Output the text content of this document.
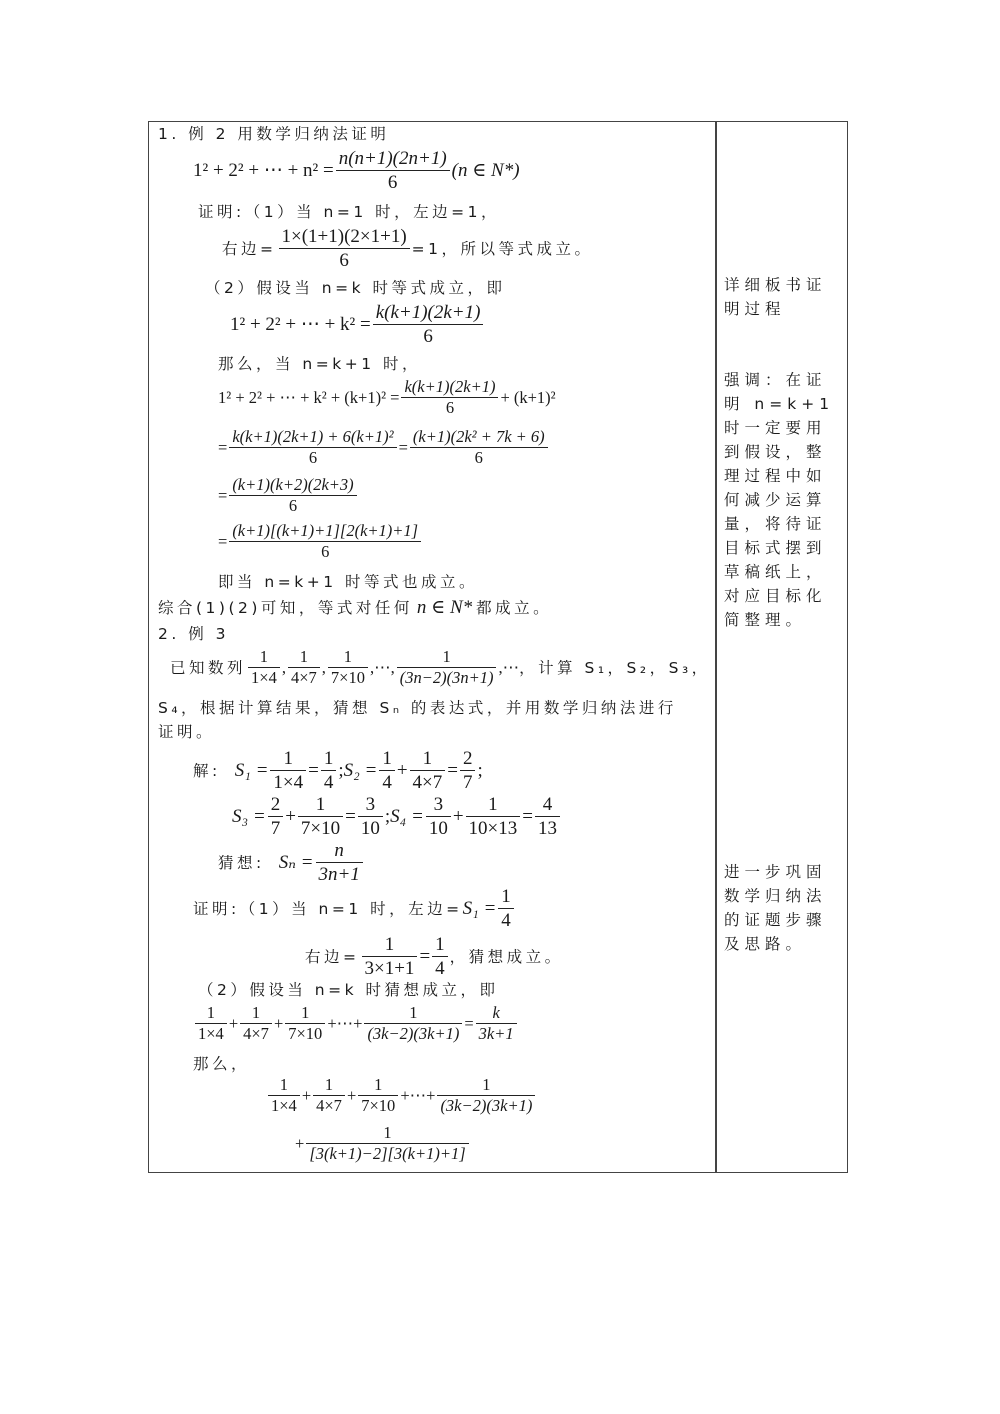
1. 例 2 用数学归纳法证明
1² + 2² + ⋯ + $n^2 = \frac{n(n+1)(2n+1)}{6} (n$ ∈ N*)
证明:（1）当 n=1 时，左边=1，
右边= $\frac{1\times(1+1)(2\times 1+1)}{6} =1$，所以等式成立。
（2）假设当 n=k 时等式成立，即
1² + 2² + ⋯ + $k^2 = \frac{k(k+1)(2k+1)}{6}$
那么，当 n=k+1 时，
1² + 2² + ⋯ + $k^2 + (k+1)^2 = \frac{k(k+1)(2k+1)}{6} + (k+1)^2$
= $\frac{\text{k(k+1)(2k+1) + 6(k+1)²}}{6} = \frac{\text{(k+1)(2k² + 7k + 6)}}{6}$
= $\frac{(k+1)(k+2)(2k+3)}{6}$
= $\frac{(k+1)[(k+1)+1][2(k+1)+1]}{6}$
即当 n=k+1 时等式也成立。
综合(1)(2)可知，等式对任何 n ∈ N* 都成立。
2. 例 3
已知数列 $\frac{1}{1\times 4}$ , $\frac{1}{4\times 7}$ , $\frac{1}{7\times 10}$ , ⋯ , $\frac{1}{(3n-2)(3n+1)}$ , ⋯ ，计算 S₁，S₂，S₃，
S₄，根据计算结果，猜想 Sₙ 的表达式，并用数学归纳法进行
证明。
解: $S_1 = \frac{1}{1\times 4} = \frac{1}{4}$ ; $S_2 = \frac{1}{4} + \frac{1}{4\times 7} = \frac{2}{7}$ ;
$S_3 = \frac{2}{7} + \frac{1}{7\times 10} = \frac{3}{10}$ ; $S_4 = \frac{3}{10} + \frac{1}{10\times 13} = \frac{4}{13}$
猜想: $S_n = \frac{n}{3n+1}$
证明:（1）当 n=1 时，左边= $S_1 = \frac{1}{4}$
右边= $\frac{1}{3\times 1+1} = \frac{1}{4}$ ，猜想成立。
（2）假设当 n=k 时猜想成立，即
$\frac{1}{1\times 4} + \frac{1}{4\times 7} + \frac{1}{7\times 10}$ + ⋯ + $\frac{1}{(3k-2)(3k+1)} = \frac{k}{3k+1}$
那么，
$\frac{1}{1\times 4} + \frac{1}{4\times 7} + \frac{1}{7\times 10}$ + ⋯ + $\frac{1}{(3k-2)(3k+1)}$
+ $\frac{1}{[3(k+1)-2][3(k+1)+1]}$
详细板书证明过程
强调：在证明 n=k+1 时一定要用到假设，整理过程中如何减少运算量，将待证目标式摆到草稿纸上，对应目标化简整理。
进一步巩固数学归纳法的证题步骤及思路。
